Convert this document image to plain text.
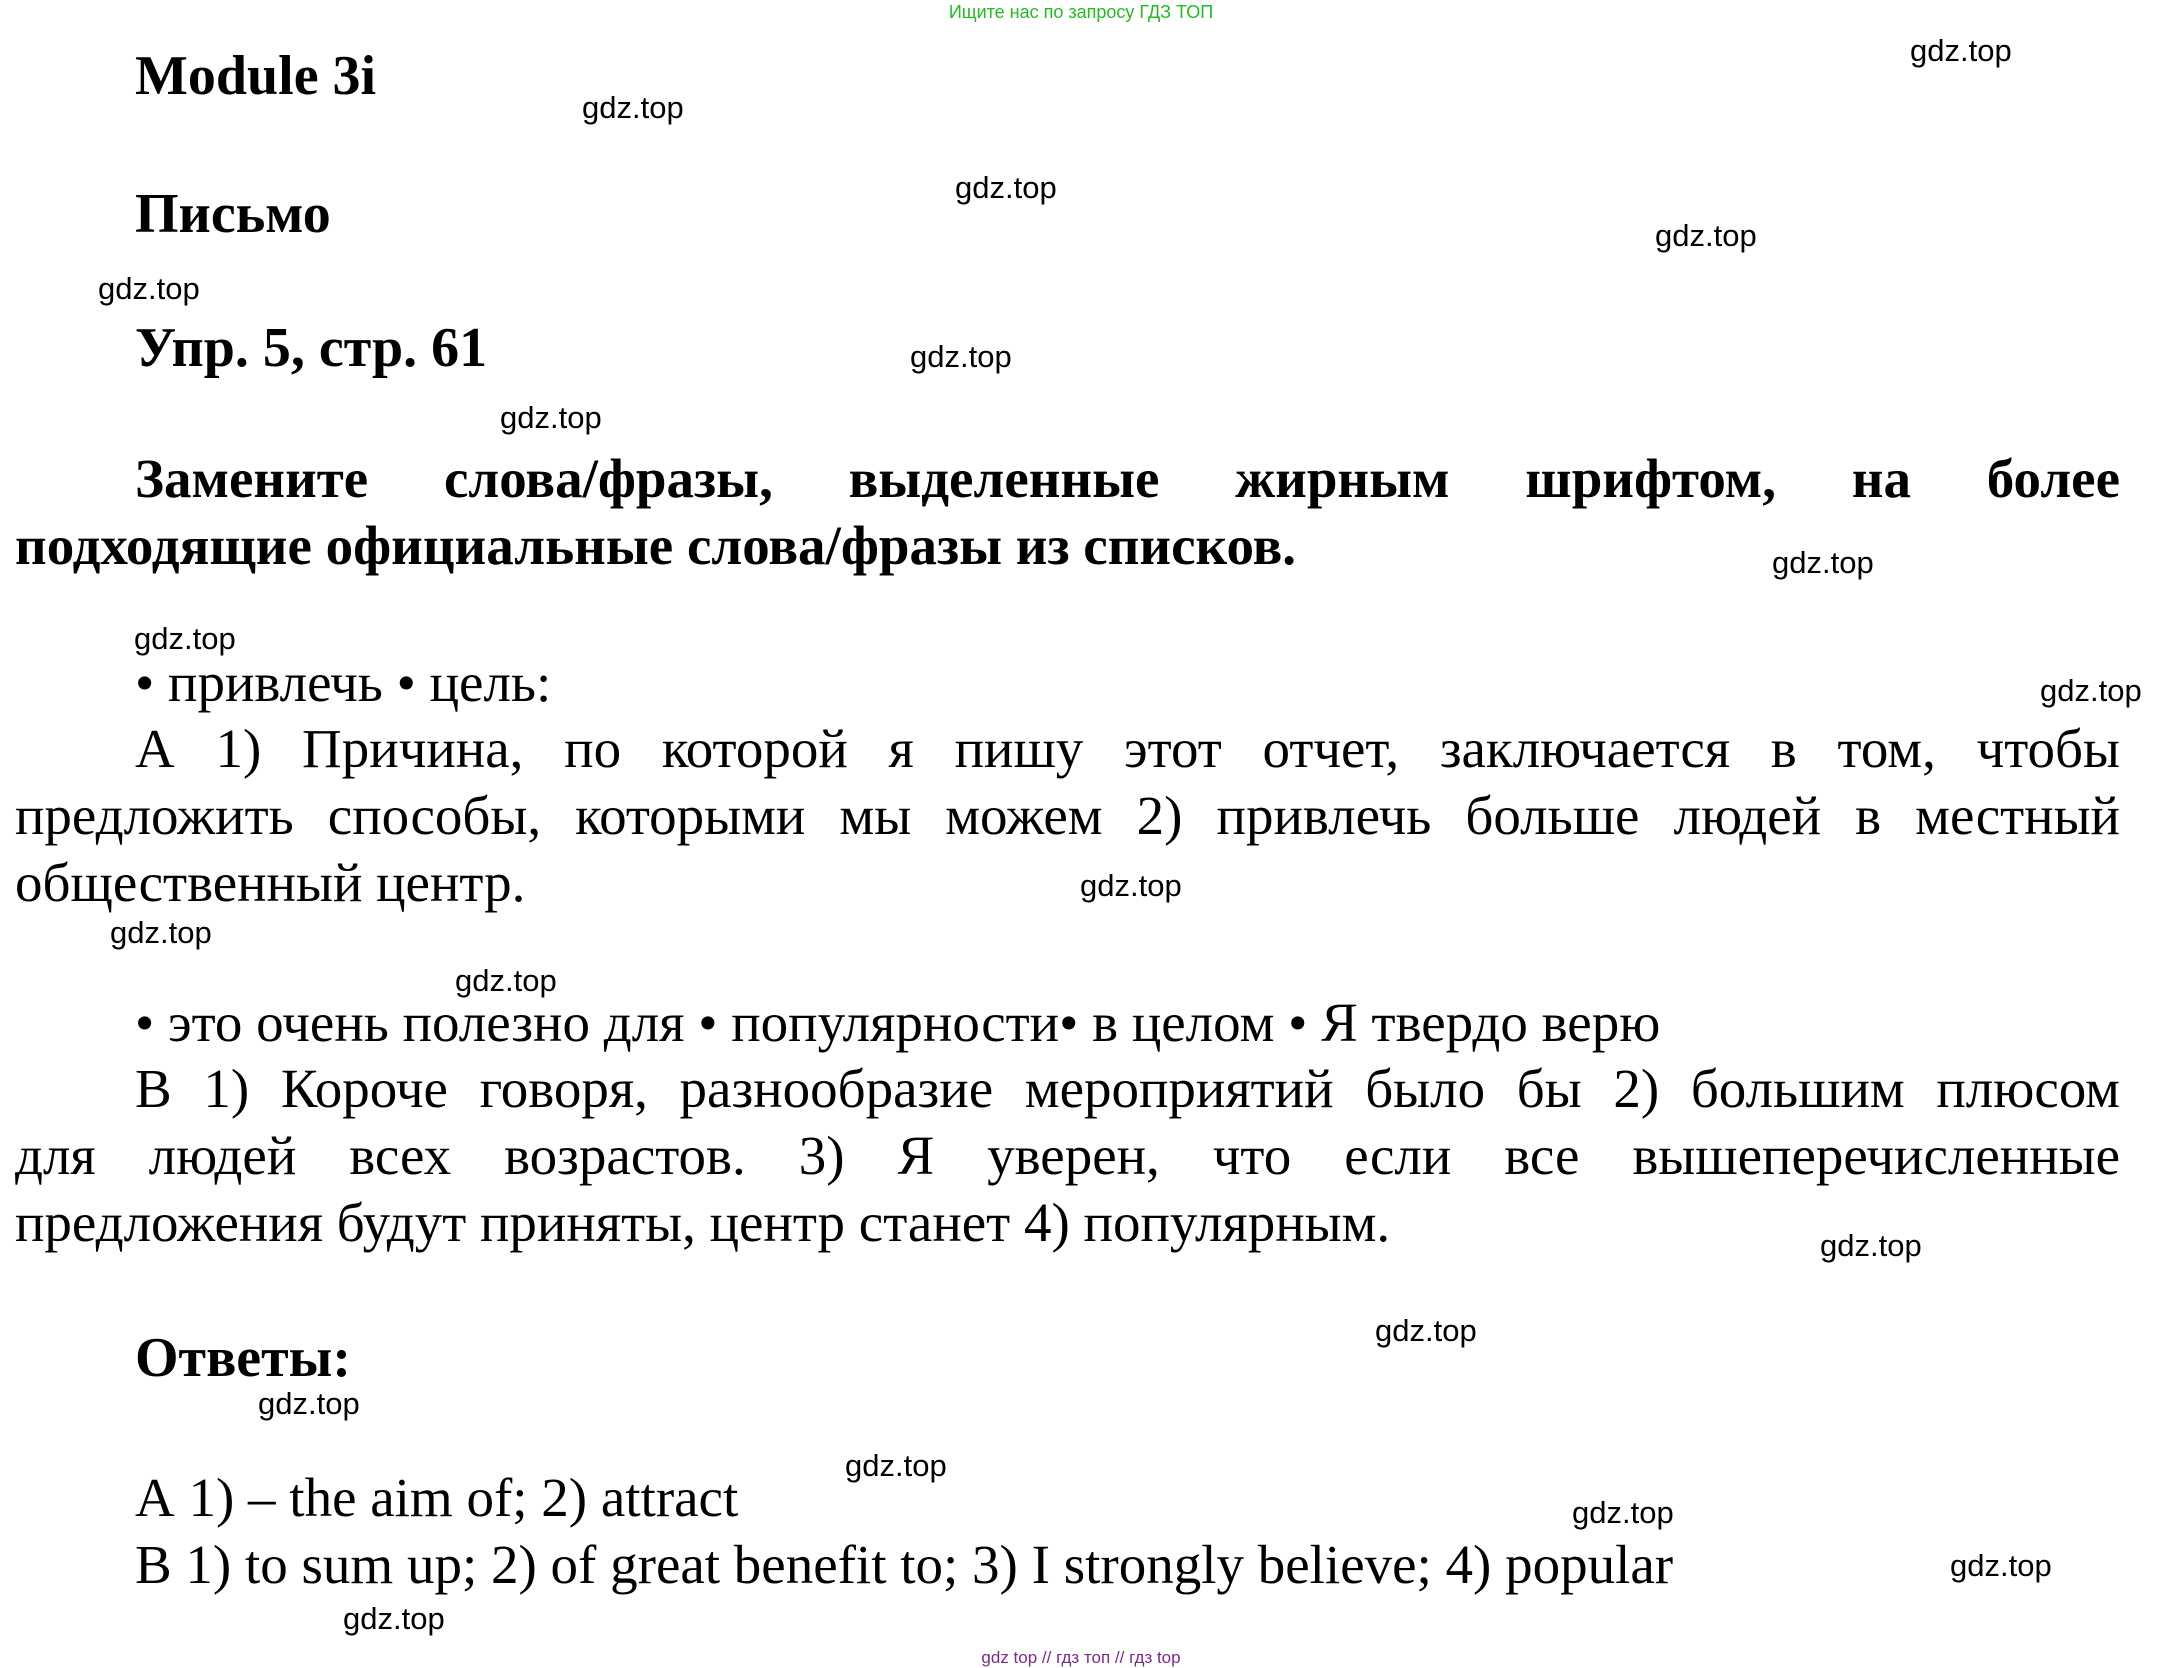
Ищите нас по запросу ГДЗ ТОП
Module 3i
Письмо
Упр. 5, стр. 61
Замените слова/фразы, выделенные жирным шрифтом, на более
подходящие официальные слова/фразы из списков.
• привлечь • цель:
А 1) Причина, по которой я пишу этот отчет, заключается в том, чтобы
предложить способы, которыми мы можем 2) привлечь больше людей в местный
общественный центр.
• это очень полезно для • популярности• в целом • Я твердо верю
В 1) Короче говоря, разнообразие мероприятий было бы 2) большим плюсом
для людей всех возрастов. 3) Я уверен, что если все вышеперечисленные
предложения будут приняты, центр станет 4) популярным.
Ответы:
А 1) – the aim of; 2) attract
В 1) to sum up; 2) of great benefit to; 3) I strongly believe; 4) popular
gdz.top
gdz.top
gdz.top
gdz.top
gdz.top
gdz.top
gdz.top
gdz.top
gdz.top
gdz.top
gdz.top
gdz.top
gdz.top
gdz.top
gdz.top
gdz.top
gdz.top
gdz.top
gdz.top
gdz.top
gdz top // гдз топ // гдз top
